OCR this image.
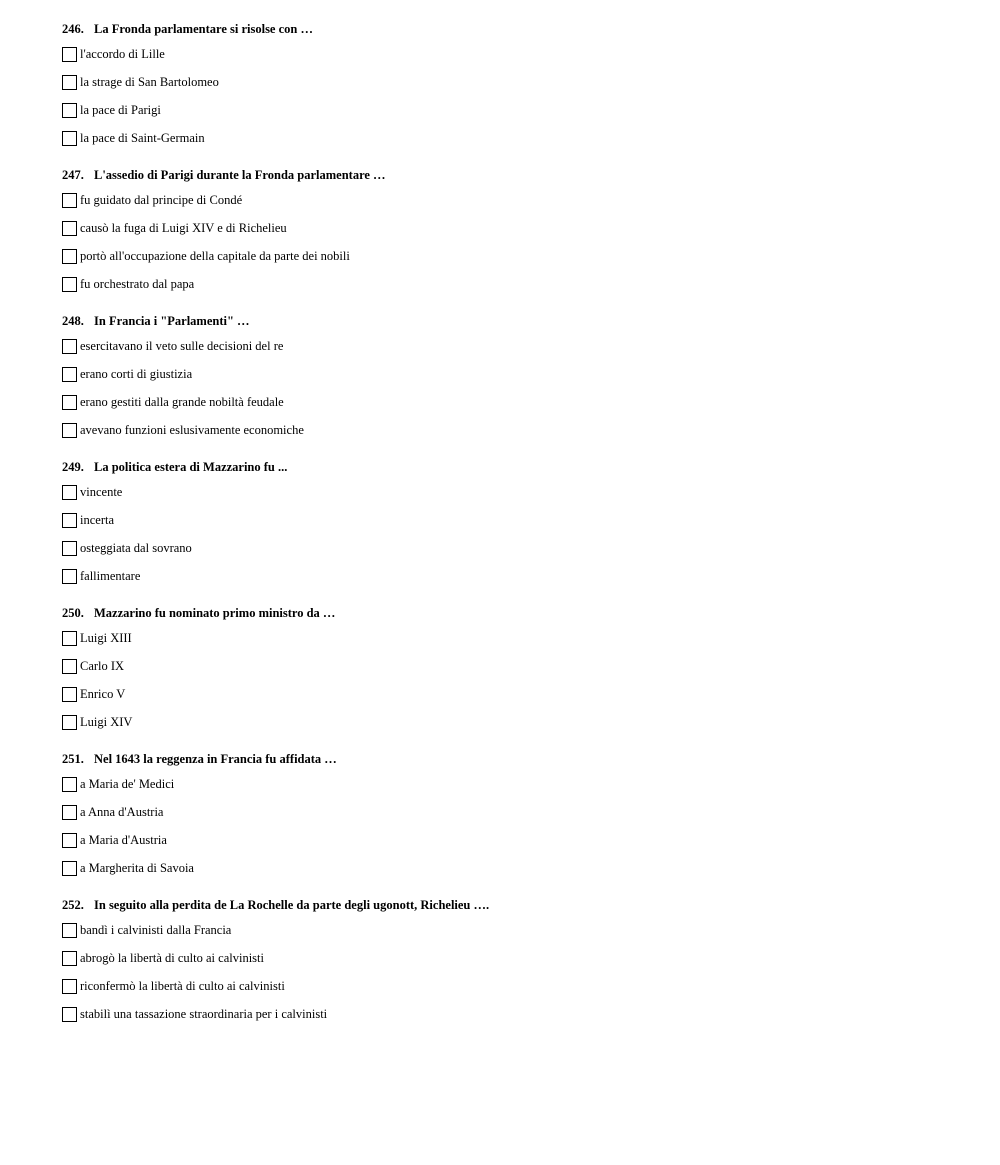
246. La Fronda parlamentare si risolse con …
l'accordo di Lille
la strage di San Bartolomeo
la pace di Parigi
la pace di Saint-Germain
247. L'assedio di Parigi durante la Fronda parlamentare …
fu guidato dal principe di Condé
causò la fuga di Luigi XIV e di Richelieu
portò all'occupazione della capitale da parte dei nobili
fu orchestrato dal papa
248. In Francia i "Parlamenti" …
esercitavano il veto sulle decisioni del re
erano corti di giustizia
erano gestiti dalla grande nobiltà feudale
avevano funzioni eslusivamente economiche
249. La politica estera di Mazzarino fu ...
vincente
incerta
osteggiata dal sovrano
fallimentare
250. Mazzarino fu nominato primo ministro da …
Luigi XIII
Carlo IX
Enrico V
Luigi XIV
251. Nel 1643 la reggenza in Francia fu affidata …
a Maria de' Medici
a Anna d'Austria
a Maria d'Austria
a Margherita di Savoia
252. In seguito alla perdita de La Rochelle da parte degli ugonott, Richelieu ….
bandì i calvinisti dalla Francia
abrogò la libertà di culto ai calvinisti
riconfermò la libertà di culto ai calvinisti
stabilì una tassazione straordinaria per i calvinisti
